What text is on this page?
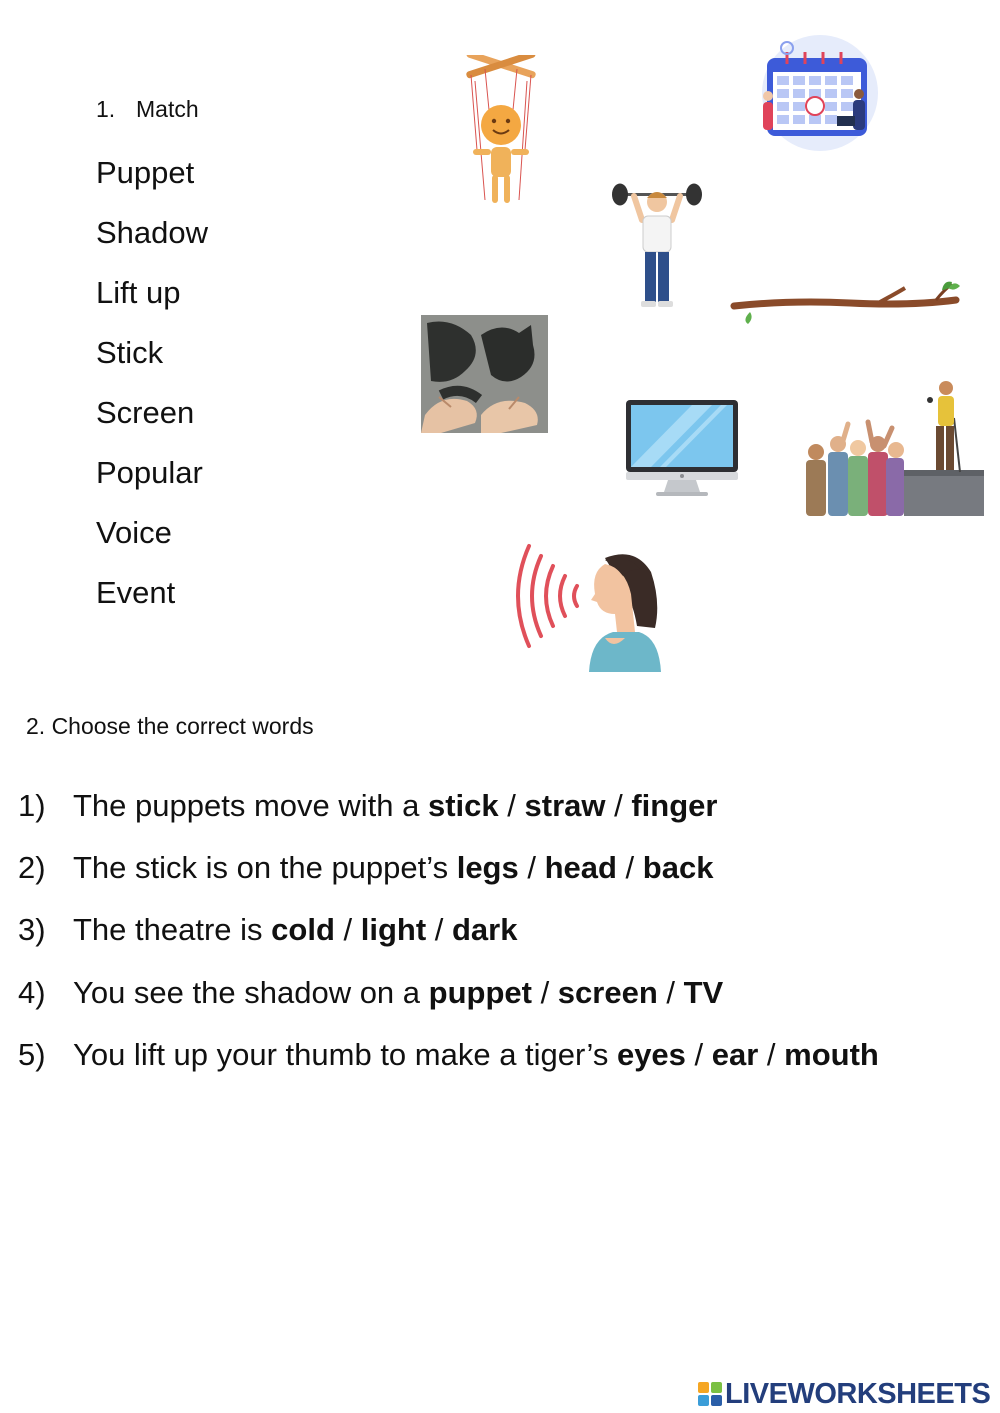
1. Match
Puppet
Shadow
Lift up
Stick
Screen
Popular
Voice
Event
2. Choose the correct words
1) The puppets move with a stick / straw / finger
2) The stick is on the puppet’s legs / head / back
3) The theatre is cold / light / dark
4) You see the shadow on a puppet / screen / TV
5) You lift up your thumb to make a tiger’s eyes / ear / mouth
LIVEWORKSHEETS
